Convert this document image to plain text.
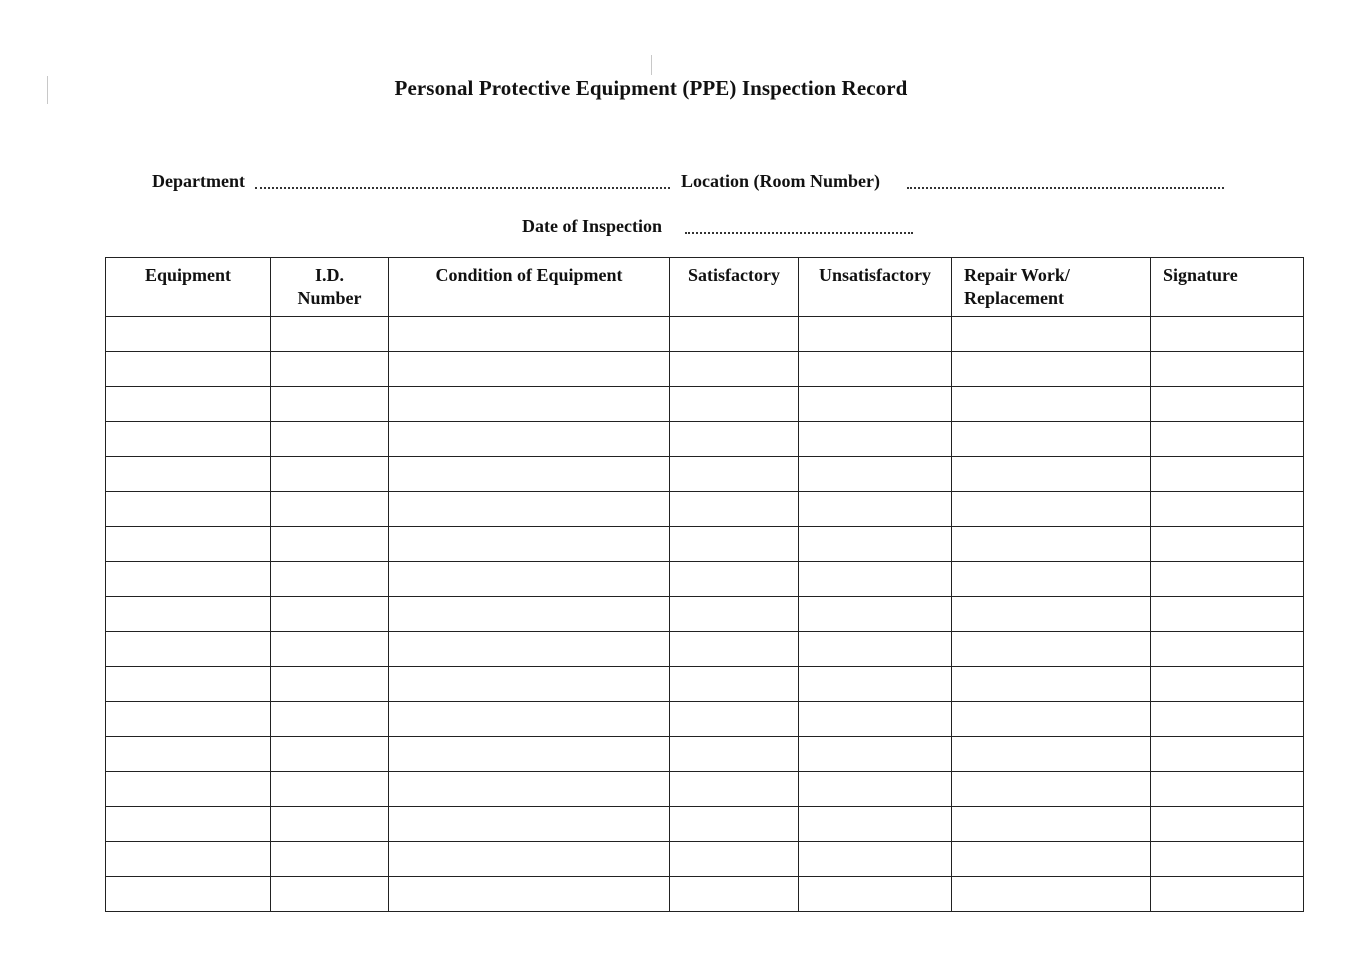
Personal Protective Equipment (PPE) Inspection Record
Department	Location (Room Number)
Date of Inspection
Equipment	I.D. Number	Condition of Equipment	Satisfactory	Unsatisfactory	Repair Work/ Replacement	Signature
